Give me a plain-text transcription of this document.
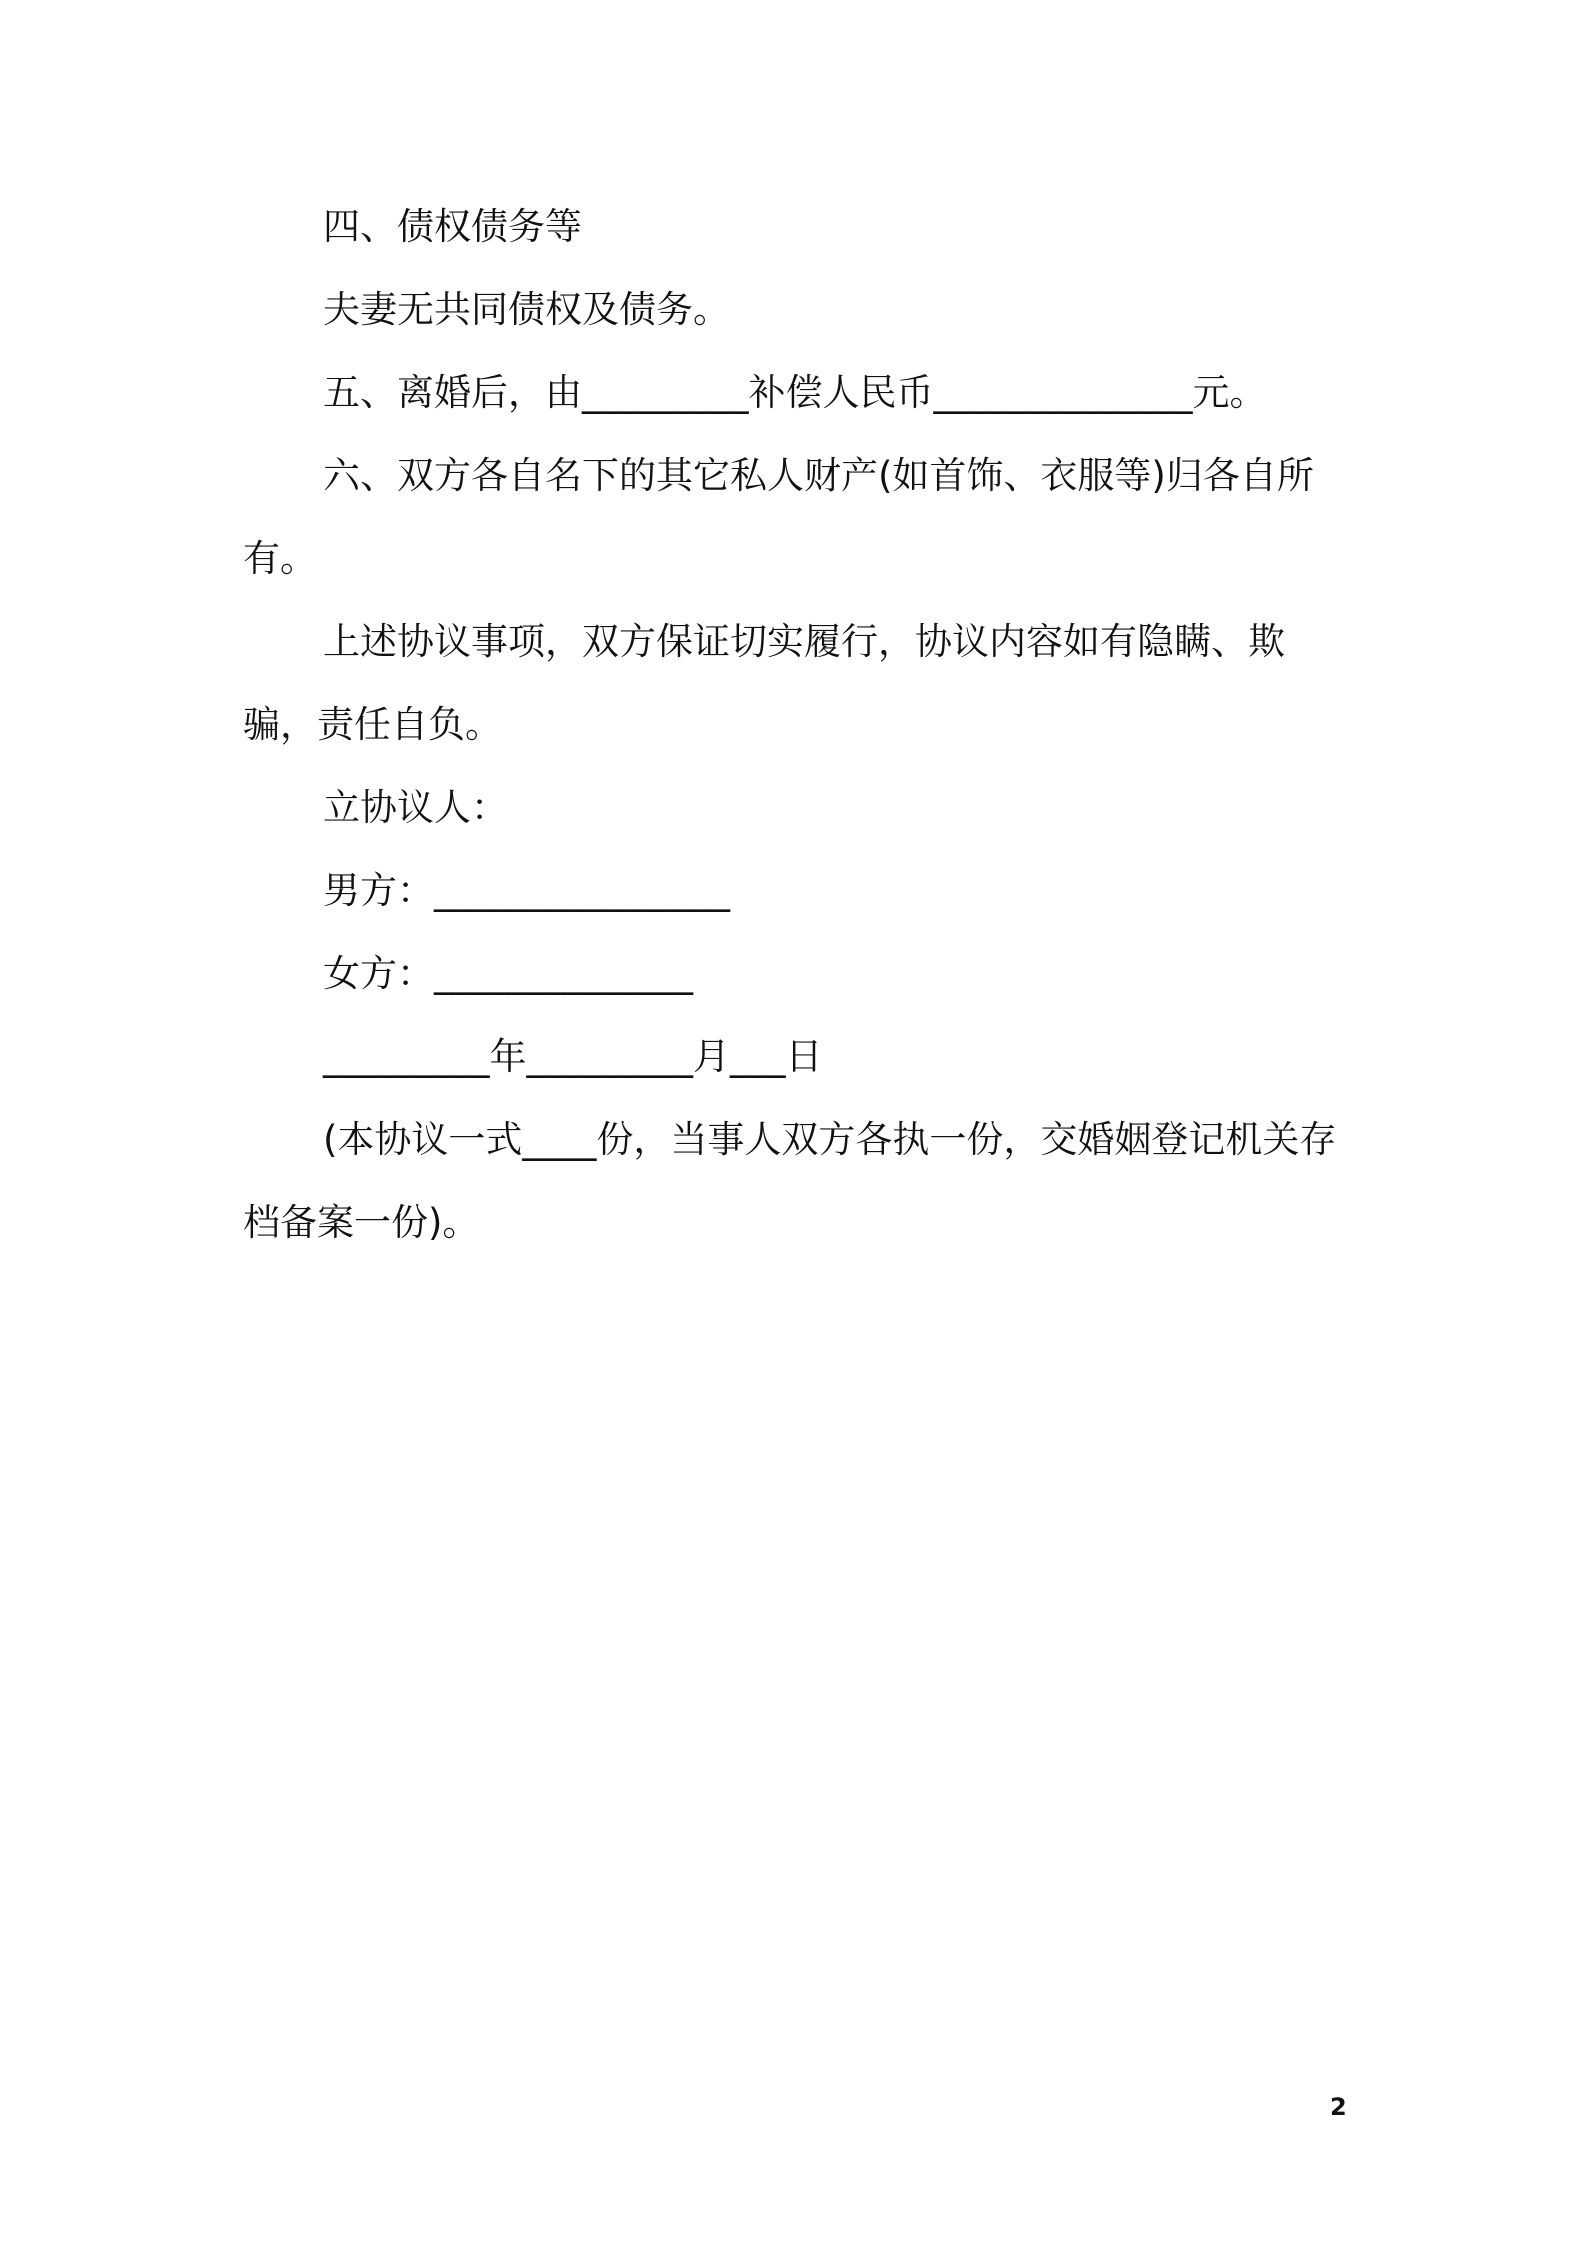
四、债权债务等

夫妻无共同债权及债务。

五、离婚后，由_________补偿人民币______________元。

六、双方各自名下的其它私人财产(如首饰、衣服等)归各自所有。

上述协议事项，双方保证切实履行，协议内容如有隐瞒、欺骗，责任自负。

立协议人：

男方：________________

女方：______________

_________年_________月___日

(本协议一式____份，当事人双方各执一份，交婚姻登记机关存档备案一份)。

2
